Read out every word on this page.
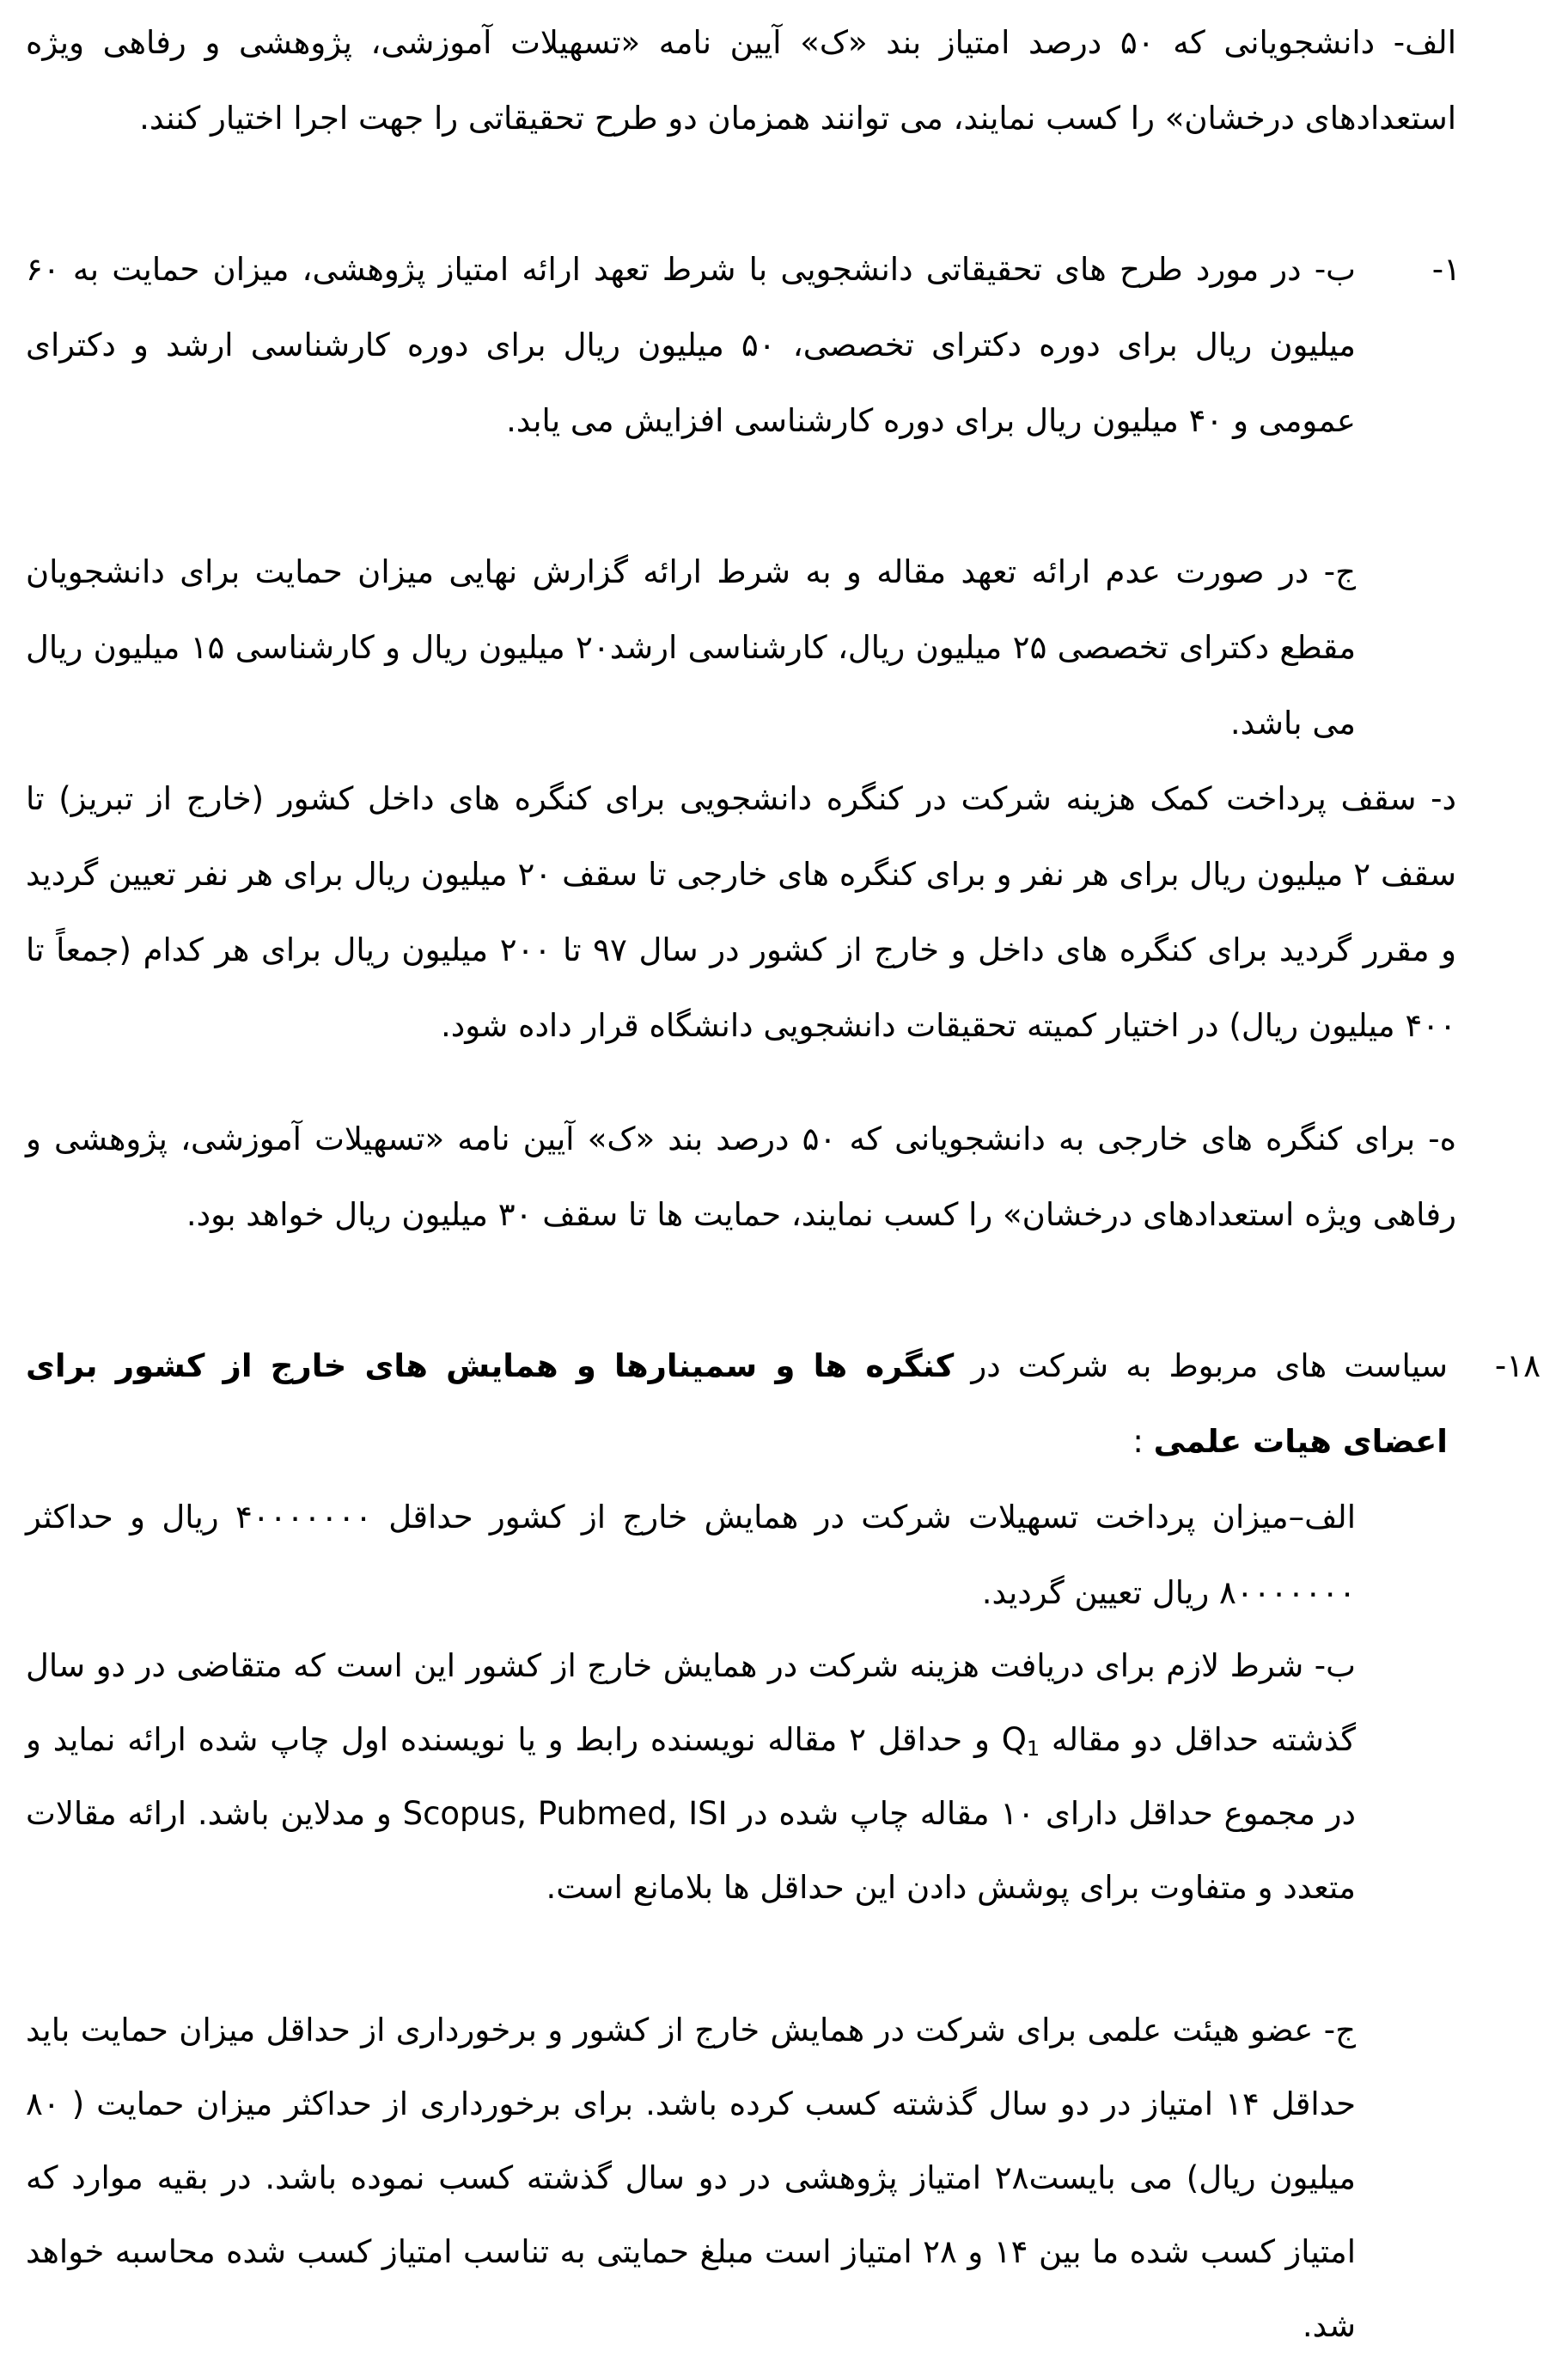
الف- دانشجویانی که ۵۰ درصد امتیاز بند «ک» آیین نامه «تسهیلات آموزشی، پژوهشی و رفاهی ویژه استعدادهای درخشان» را کسب نمایند، می توانند همزمان دو طرح تحقیقاتی را جهت اجرا اختیار کنند.

۱-

ب- در مورد طرح های تحقیقاتی دانشجویی با شرط تعهد ارائه امتیاز پژوهشی، میزان حمایت به ۶۰ میلیون ریال برای دوره دکترای تخصصی، ۵۰ میلیون ریال برای دوره کارشناسی ارشد و دکترای عمومی و ۴۰ میلیون ریال برای دوره کارشناسی افزایش می یابد.

ج- در صورت عدم ارائه تعهد مقاله و به شرط ارائه گزارش نهایی میزان حمایت برای دانشجویان مقطع دکترای تخصصی ۲۵ میلیون ریال، کارشناسی ارشد۲۰ میلیون ریال و کارشناسی ۱۵ میلیون ریال می باشد.

د- سقف پرداخت کمک هزینه شرکت در کنگره دانشجویی برای کنگره های داخل کشور (خارج از تبریز) تا سقف ۲ میلیون ریال برای هر نفر و برای کنگره های خارجی تا سقف ۲۰ میلیون ریال برای هر نفر تعیین گردید و مقرر گردید برای کنگره های داخل و خارج از کشور در سال ۹۷ تا ۲۰۰ میلیون ریال برای هر کدام (جمعاً تا ۴۰۰ میلیون ریال) در اختیار کمیته تحقیقات دانشجویی دانشگاه قرار داده شود.

ه- برای کنگره های خارجی به دانشجویانی که ۵۰ درصد بند «ک» آیین نامه «تسهیلات آموزشی، پژوهشی و رفاهی ویژه استعدادهای درخشان» را کسب نمایند، حمایت ها تا سقف ۳۰ میلیون ریال خواهد بود.

۱۸-

سیاست های مربوط به شرکت در کنگره ها و سمینارها و همایش های خارج از کشور برای اعضای هیات علمی :

الف–میزان پرداخت تسهیلات شرکت در همایش خارج از کشور حداقل ۴۰۰۰۰۰۰۰ ریال و حداکثر ۸۰۰۰۰۰۰۰ ریال تعیین گردید.

ب- شرط لازم برای دریافت هزینه شرکت در همایش خارج از کشور این است که متقاضی در دو سال گذشته حداقل دو مقاله $Q_1$ و حداقل ۲ مقاله نویسنده رابط و یا نویسنده اول چاپ شده ارائه نماید و در مجموع حداقل دارای ۱۰ مقاله چاپ شده در Scopus, Pubmed, ISI و مدلاین باشد. ارائه مقالات متعدد و متفاوت برای پوشش دادن این حداقل ها بلامانع است.

ج- عضو هیئت علمی برای شرکت در همایش خارج از کشور و برخورداری از حداقل میزان حمایت باید حداقل ۱۴ امتیاز در دو سال گذشته کسب کرده باشد. برای برخورداری از حداکثر میزان حمایت ( ۸۰ میلیون ریال) می بایست۲۸ امتیاز پژوهشی در دو سال گذشته کسب نموده باشد. در بقیه موارد که امتیاز کسب شده ما بین ۱۴ و ۲۸ امتیاز است مبلغ حمایتی به تناسب امتیاز کسب شده محاسبه خواهد شد.
